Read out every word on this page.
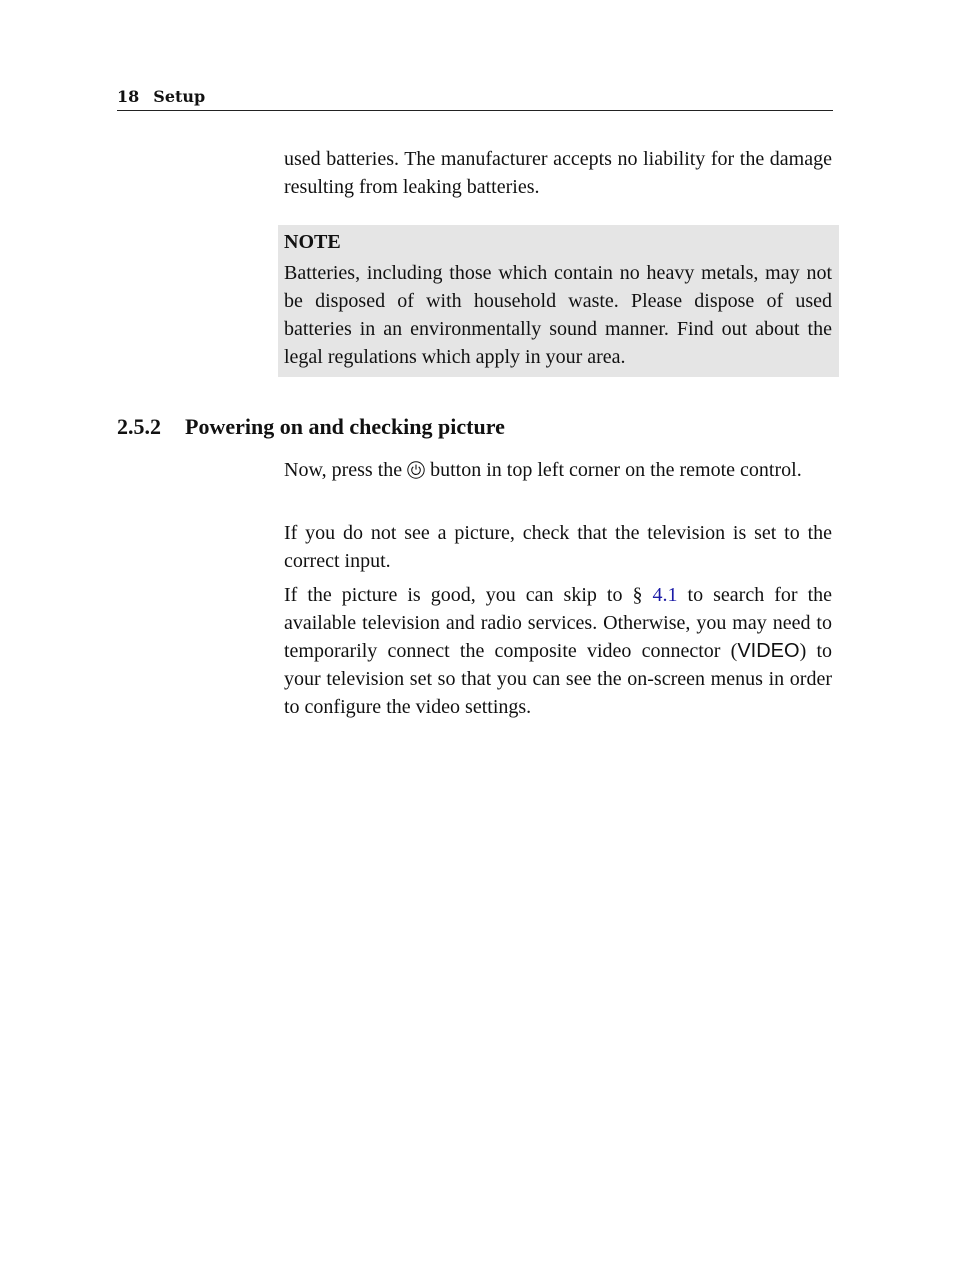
18 Setup

used batteries. The manufacturer accepts no liability for the damage resulting from leaking batteries.

NOTE
Batteries, including those which contain no heavy metals, may not be disposed of with household waste. Please dispose of used batteries in an environmentally sound manner. Find out about the legal regulations which apply in your area.
2.5.2 Powering on and checking picture

Now, press the button in top left corner on the remote control.

If you do not see a picture, check that the television is set to the correct input.

If the picture is good, you can skip to § 4.1 to search for the available television and radio services. Otherwise, you may need to temporarily connect the composite video connector (VIDEO) to your television set so that you can see the on-screen menus in order to configure the video settings.
